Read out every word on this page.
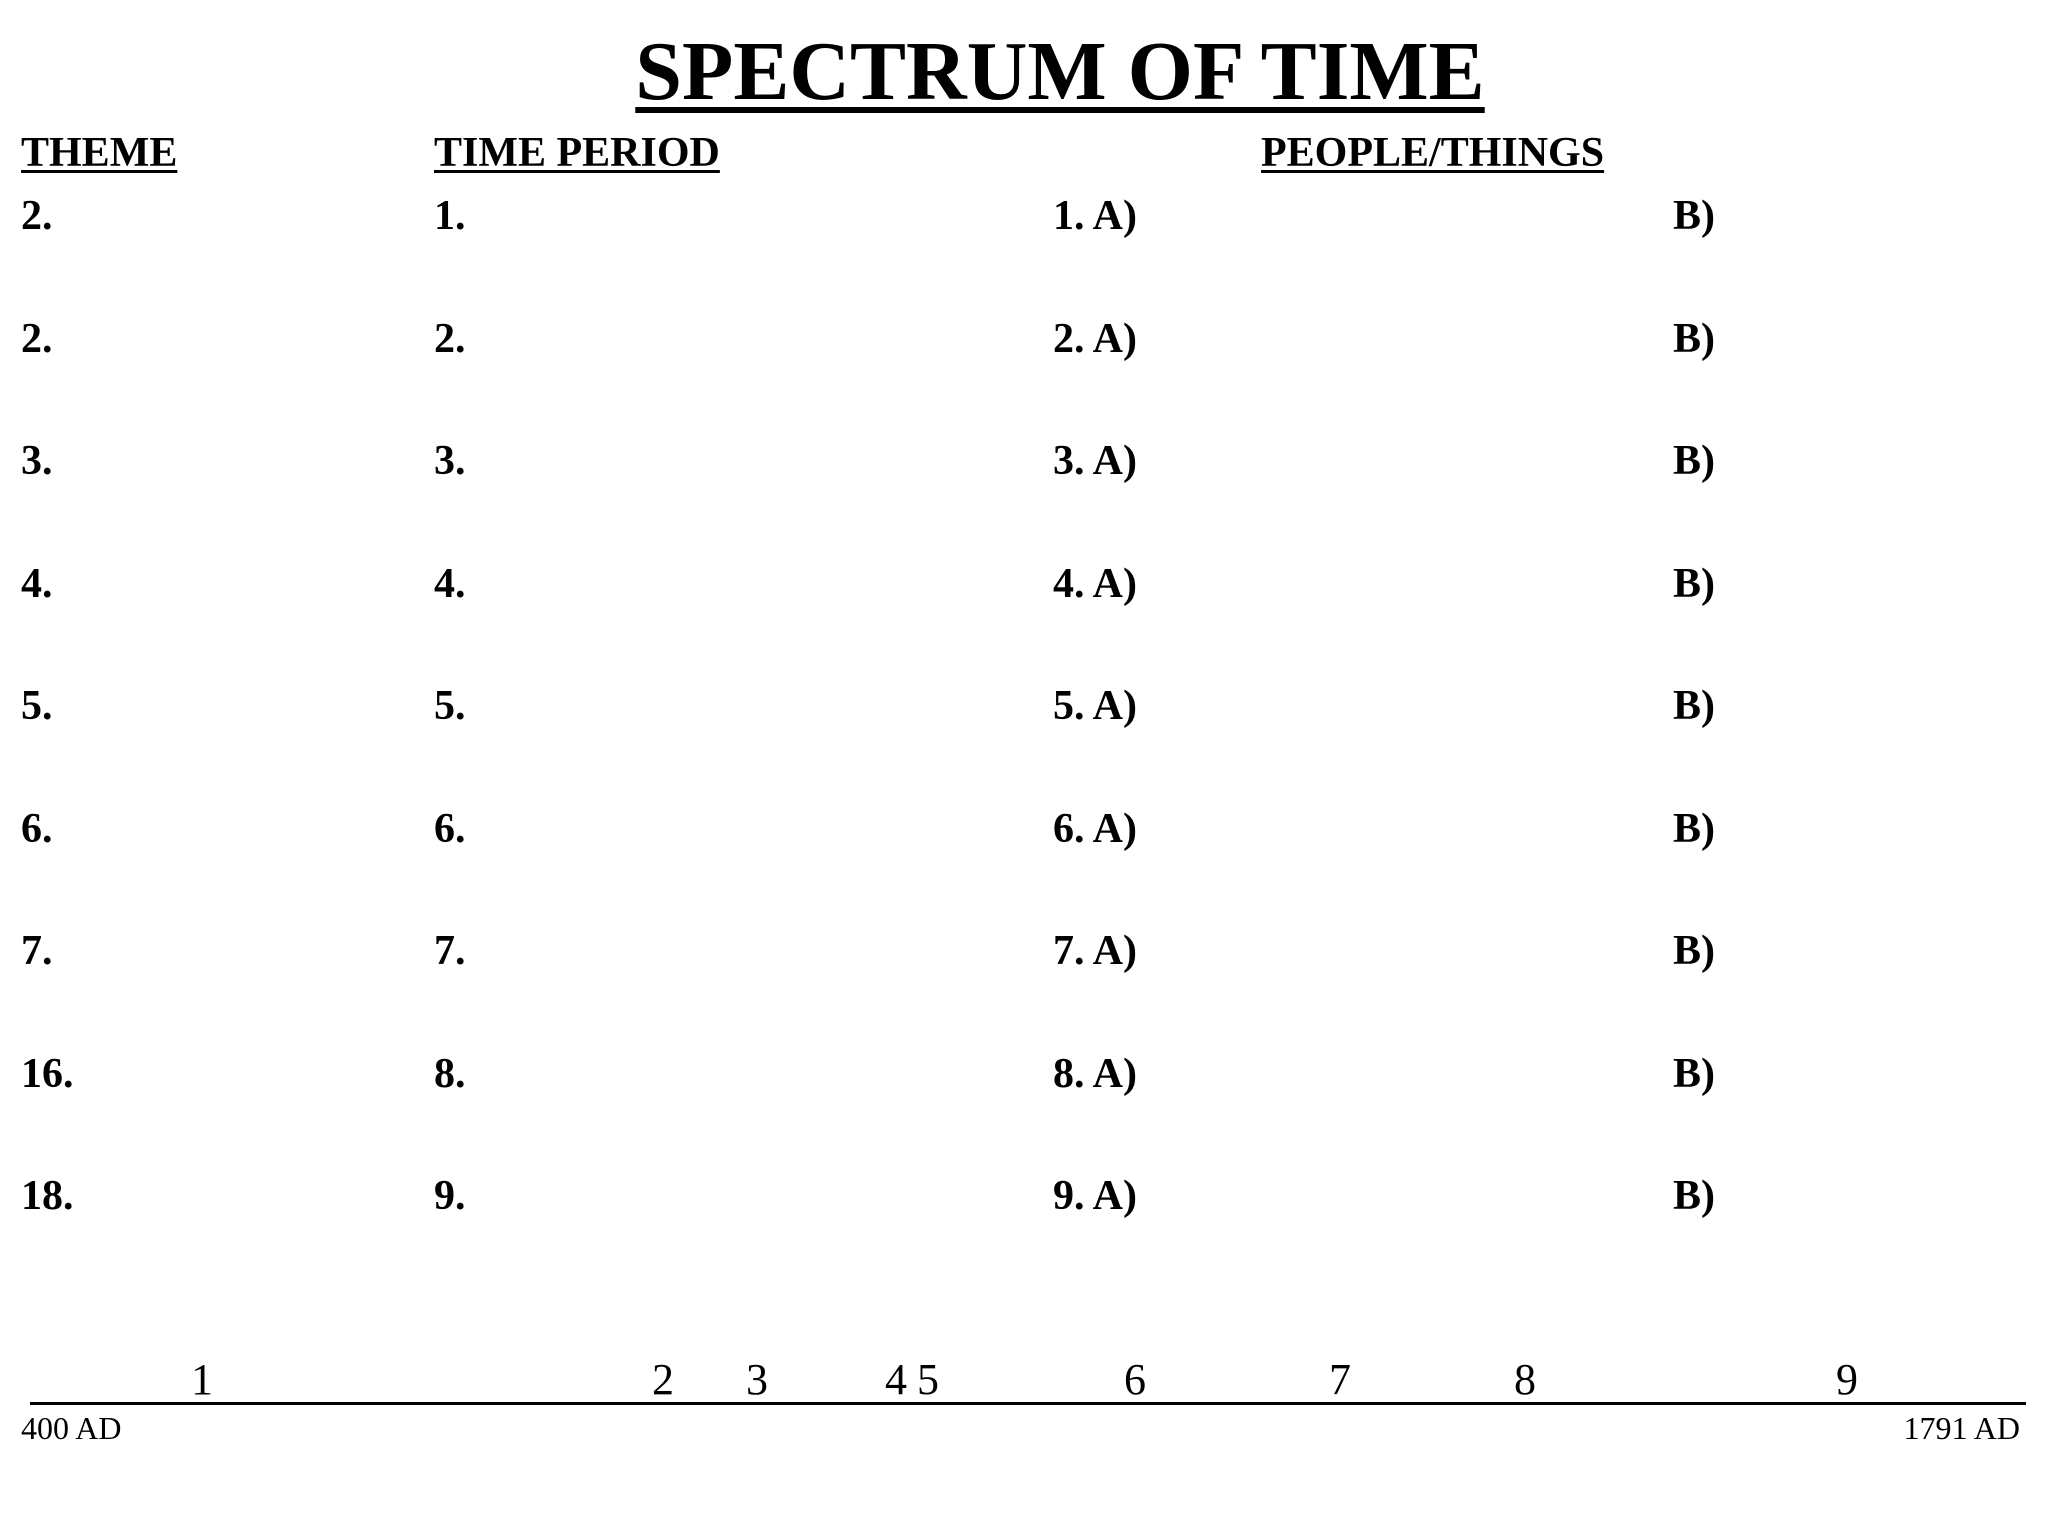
SPECTRUM OF TIME
THEME	TIME PERIOD	PEOPLE/THINGS
2.	1.	1. A)	B)
2.	2.	2. A)	B)
3.	3.	3. A)	B)
4.	4.	4. A)	B)
5.	5.	5. A)	B)
6.	6.	6. A)	B)
7.	7.	7. A)	B)
16.	8.	8. A)	B)
18.	9.	9. A)	B)
1	2 3	4 5	6	7	8	9
400 AD	1791 AD
